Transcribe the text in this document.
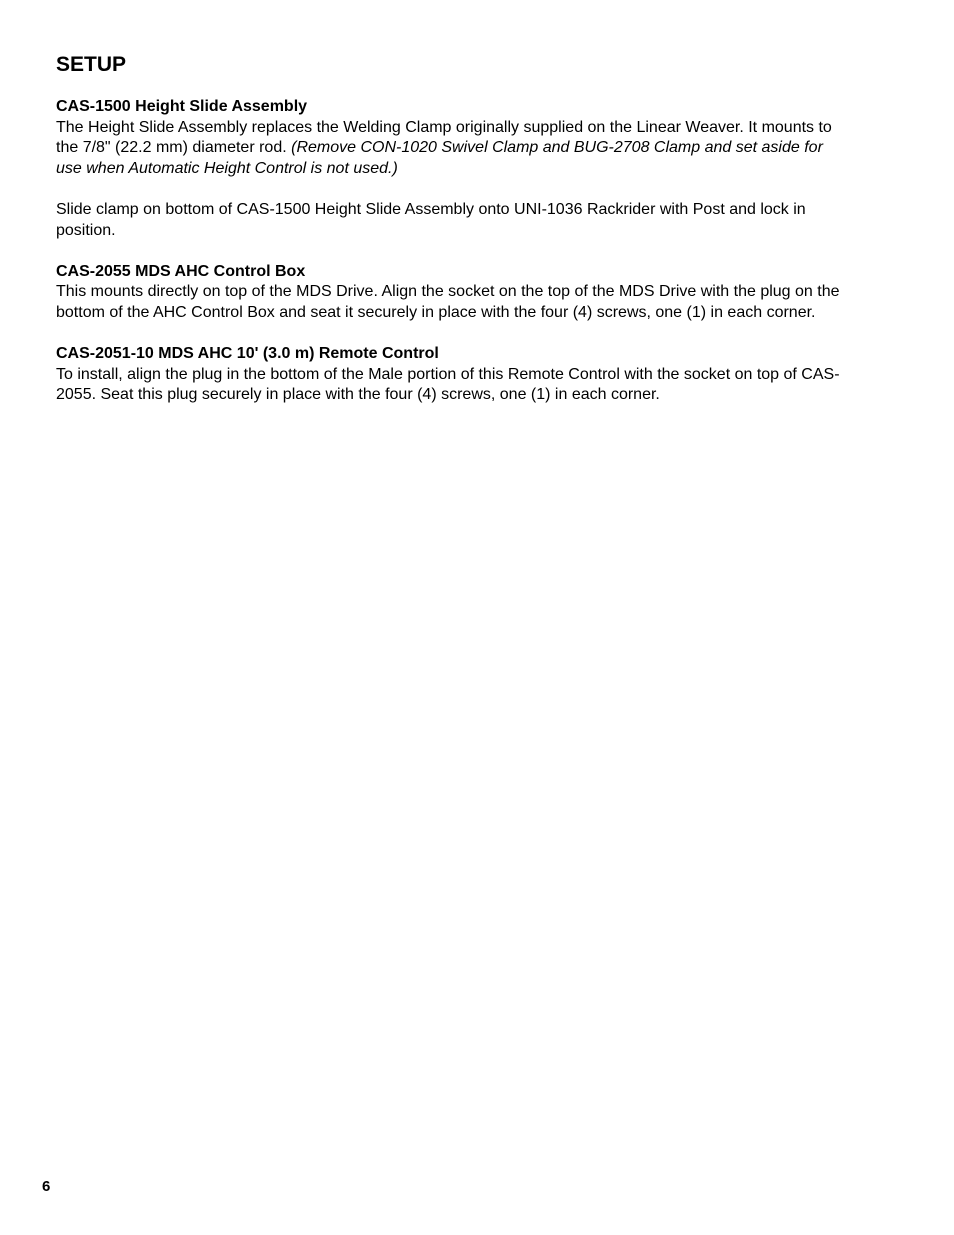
SETUP
CAS-1500 Height Slide Assembly

The Height Slide Assembly replaces the Welding Clamp originally supplied on the Linear Weaver. It mounts to the 7/8" (22.2 mm) diameter rod. (Remove CON-1020 Swivel Clamp and BUG-2708 Clamp and set aside for use when Automatic Height Control is not used.)

Slide clamp on bottom of CAS-1500 Height Slide Assembly onto UNI-1036 Rackrider with Post and lock in position.

CAS-2055 MDS AHC Control Box

This mounts directly on top of the MDS Drive. Align the socket on the top of the MDS Drive with the plug on the bottom of the AHC Control Box and seat it securely in place with the four (4) screws, one (1) in each corner.

CAS-2051-10 MDS AHC 10' (3.0 m) Remote Control

To install, align the plug in the bottom of the Male portion of this Remote Control with the socket on top of CAS-2055. Seat this plug securely in place with the four (4) screws, one (1) in each corner.

6
